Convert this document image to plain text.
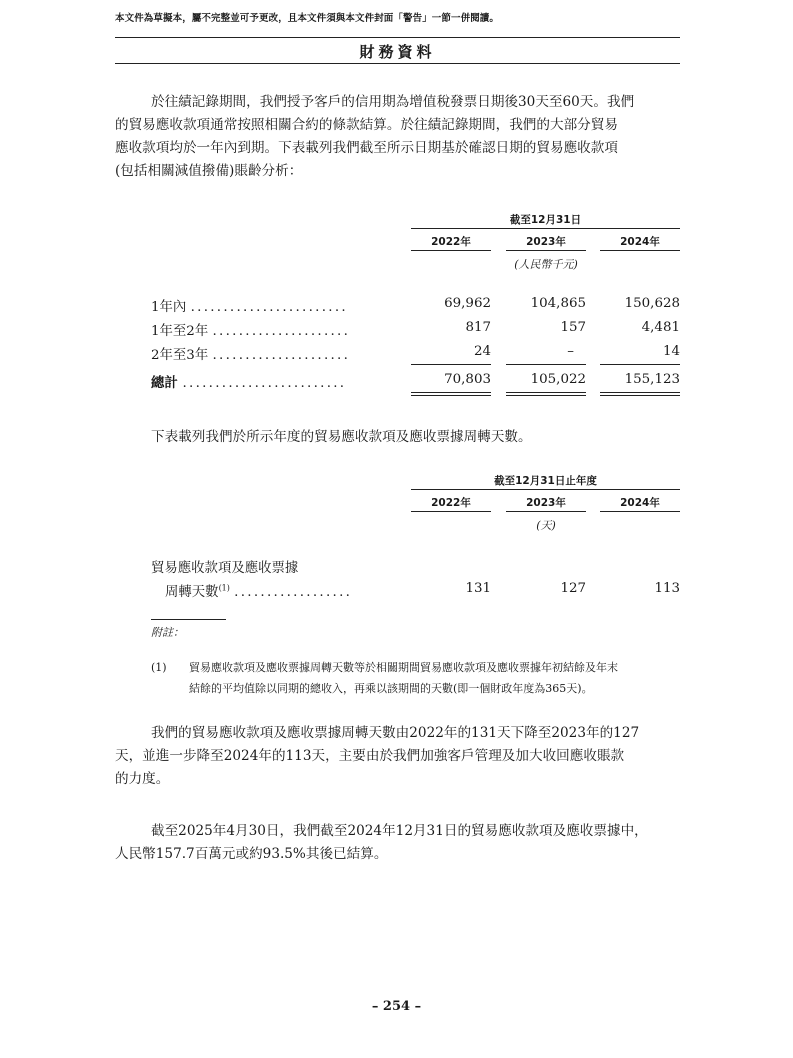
本文件為草擬本，屬不完整並可予更改，且本文件須與本文件封面「警告」一節一併閱讀。
財務資料
於往績記錄期間，我們授予客戶的信用期為增值稅發票日期後30天至60天。我們
的貿易應收款項通常按照相關合約的條款結算。於往績記錄期間，我們的大部分貿易
應收款項均於一年內到期。下表載列我們截至所示日期基於確認日期的貿易應收款項
(包括相關減值撥備)賬齡分析：
截至12月31日
2022年	2023年	2024年
(人民幣千元)
1年內 ........................	69,962	104,865	150,628
1年至2年 .....................	817	157	4,481
2年至3年 .....................	24	–	14
總計 .........................	70,803	105,022	155,123
下表載列我們於所示年度的貿易應收款項及應收票據周轉天數。
截至12月31日止年度
2022年	2023年	2024年
(天)
貿易應收款項及應收票據
周轉天數$^{(1)}$ ..................	131	127	113
附註：
(1) 貿易應收款項及應收票據周轉天數等於相關期間貿易應收款項及應收票據年初結餘及年末
結餘的平均值除以同期的總收入，再乘以該期間的天數(即一個財政年度為365天)。
我們的貿易應收款項及應收票據周轉天數由2022年的131天下降至2023年的127
天，並進一步降至2024年的113天，主要由於我們加強客戶管理及加大收回應收賬款
的力度。
截至2025年4月30日，我們截至2024年12月31日的貿易應收款項及應收票據中，
人民幣157.7百萬元或約93.5%其後已結算。
– 254 –
